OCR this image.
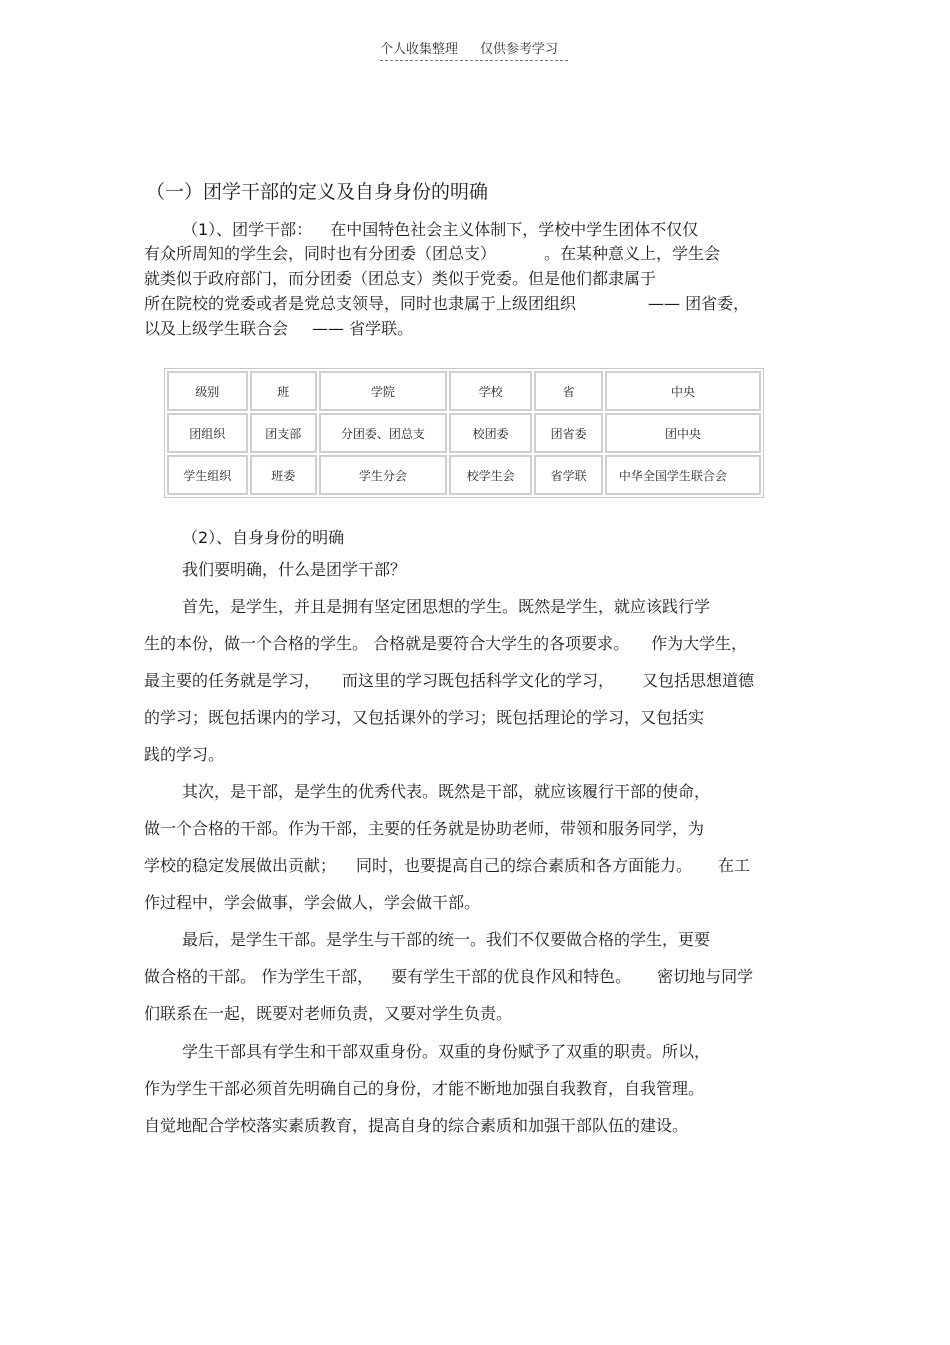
个人收集整理 仅供参考学习
（一）团学干部的定义及自身身份的明确
（1）、团学干部： 在中国特色社会主义体制下，学校中学生团体不仅仅
有众所周知的学生会，同时也有分团委（团总支）	。在某种意义上，学生会
就类似于政府部门，而分团委（团总支）类似于党委。但是他们都隶属于
所在院校的党委或者是党总支领导，同时也隶属于上级团组织	—— 团省委，
以及上级学生联合会 —— 省学联。
级别	班	学院	学校	省	中央
团组织	团支部	分团委、团总支	校团委	团省委	团中央
学生组织	班委	学生分会	校学生会	省学联	中华全国学生联合会
（2）、自身身份的明确
我们要明确，什么是团学干部？
首先，是学生，并且是拥有坚定团思想的学生。既然是学生，就应该践行学
生的本份，做一个合格的学生。 合格就是要符合大学生的各项要求。 作为大学生，
最主要的任务就是学习， 而这里的学习既包括科学文化的学习， 又包括思想道德
的学习；既包括课内的学习，又包括课外的学习；既包括理论的学习，又包括实
践的学习。
其次，是干部，是学生的优秀代表。既然是干部，就应该履行干部的使命，
做一个合格的干部。作为干部，主要的任务就是协助老师，带领和服务同学，为
学校的稳定发展做出贡献； 同时，也要提高自己的综合素质和各方面能力。 在工
作过程中，学会做事，学会做人，学会做干部。
最后，是学生干部。是学生与干部的统一。我们不仅要做合格的学生，更要
做合格的干部。 作为学生干部， 要有学生干部的优良作风和特色。 密切地与同学
们联系在一起，既要对老师负责，又要对学生负责。
学生干部具有学生和干部双重身份。双重的身份赋予了双重的职责。所以，
作为学生干部必须首先明确自己的身份，才能不断地加强自我教育，自我管理。
自觉地配合学校落实素质教育，提高自身的综合素质和加强干部队伍的建设。
